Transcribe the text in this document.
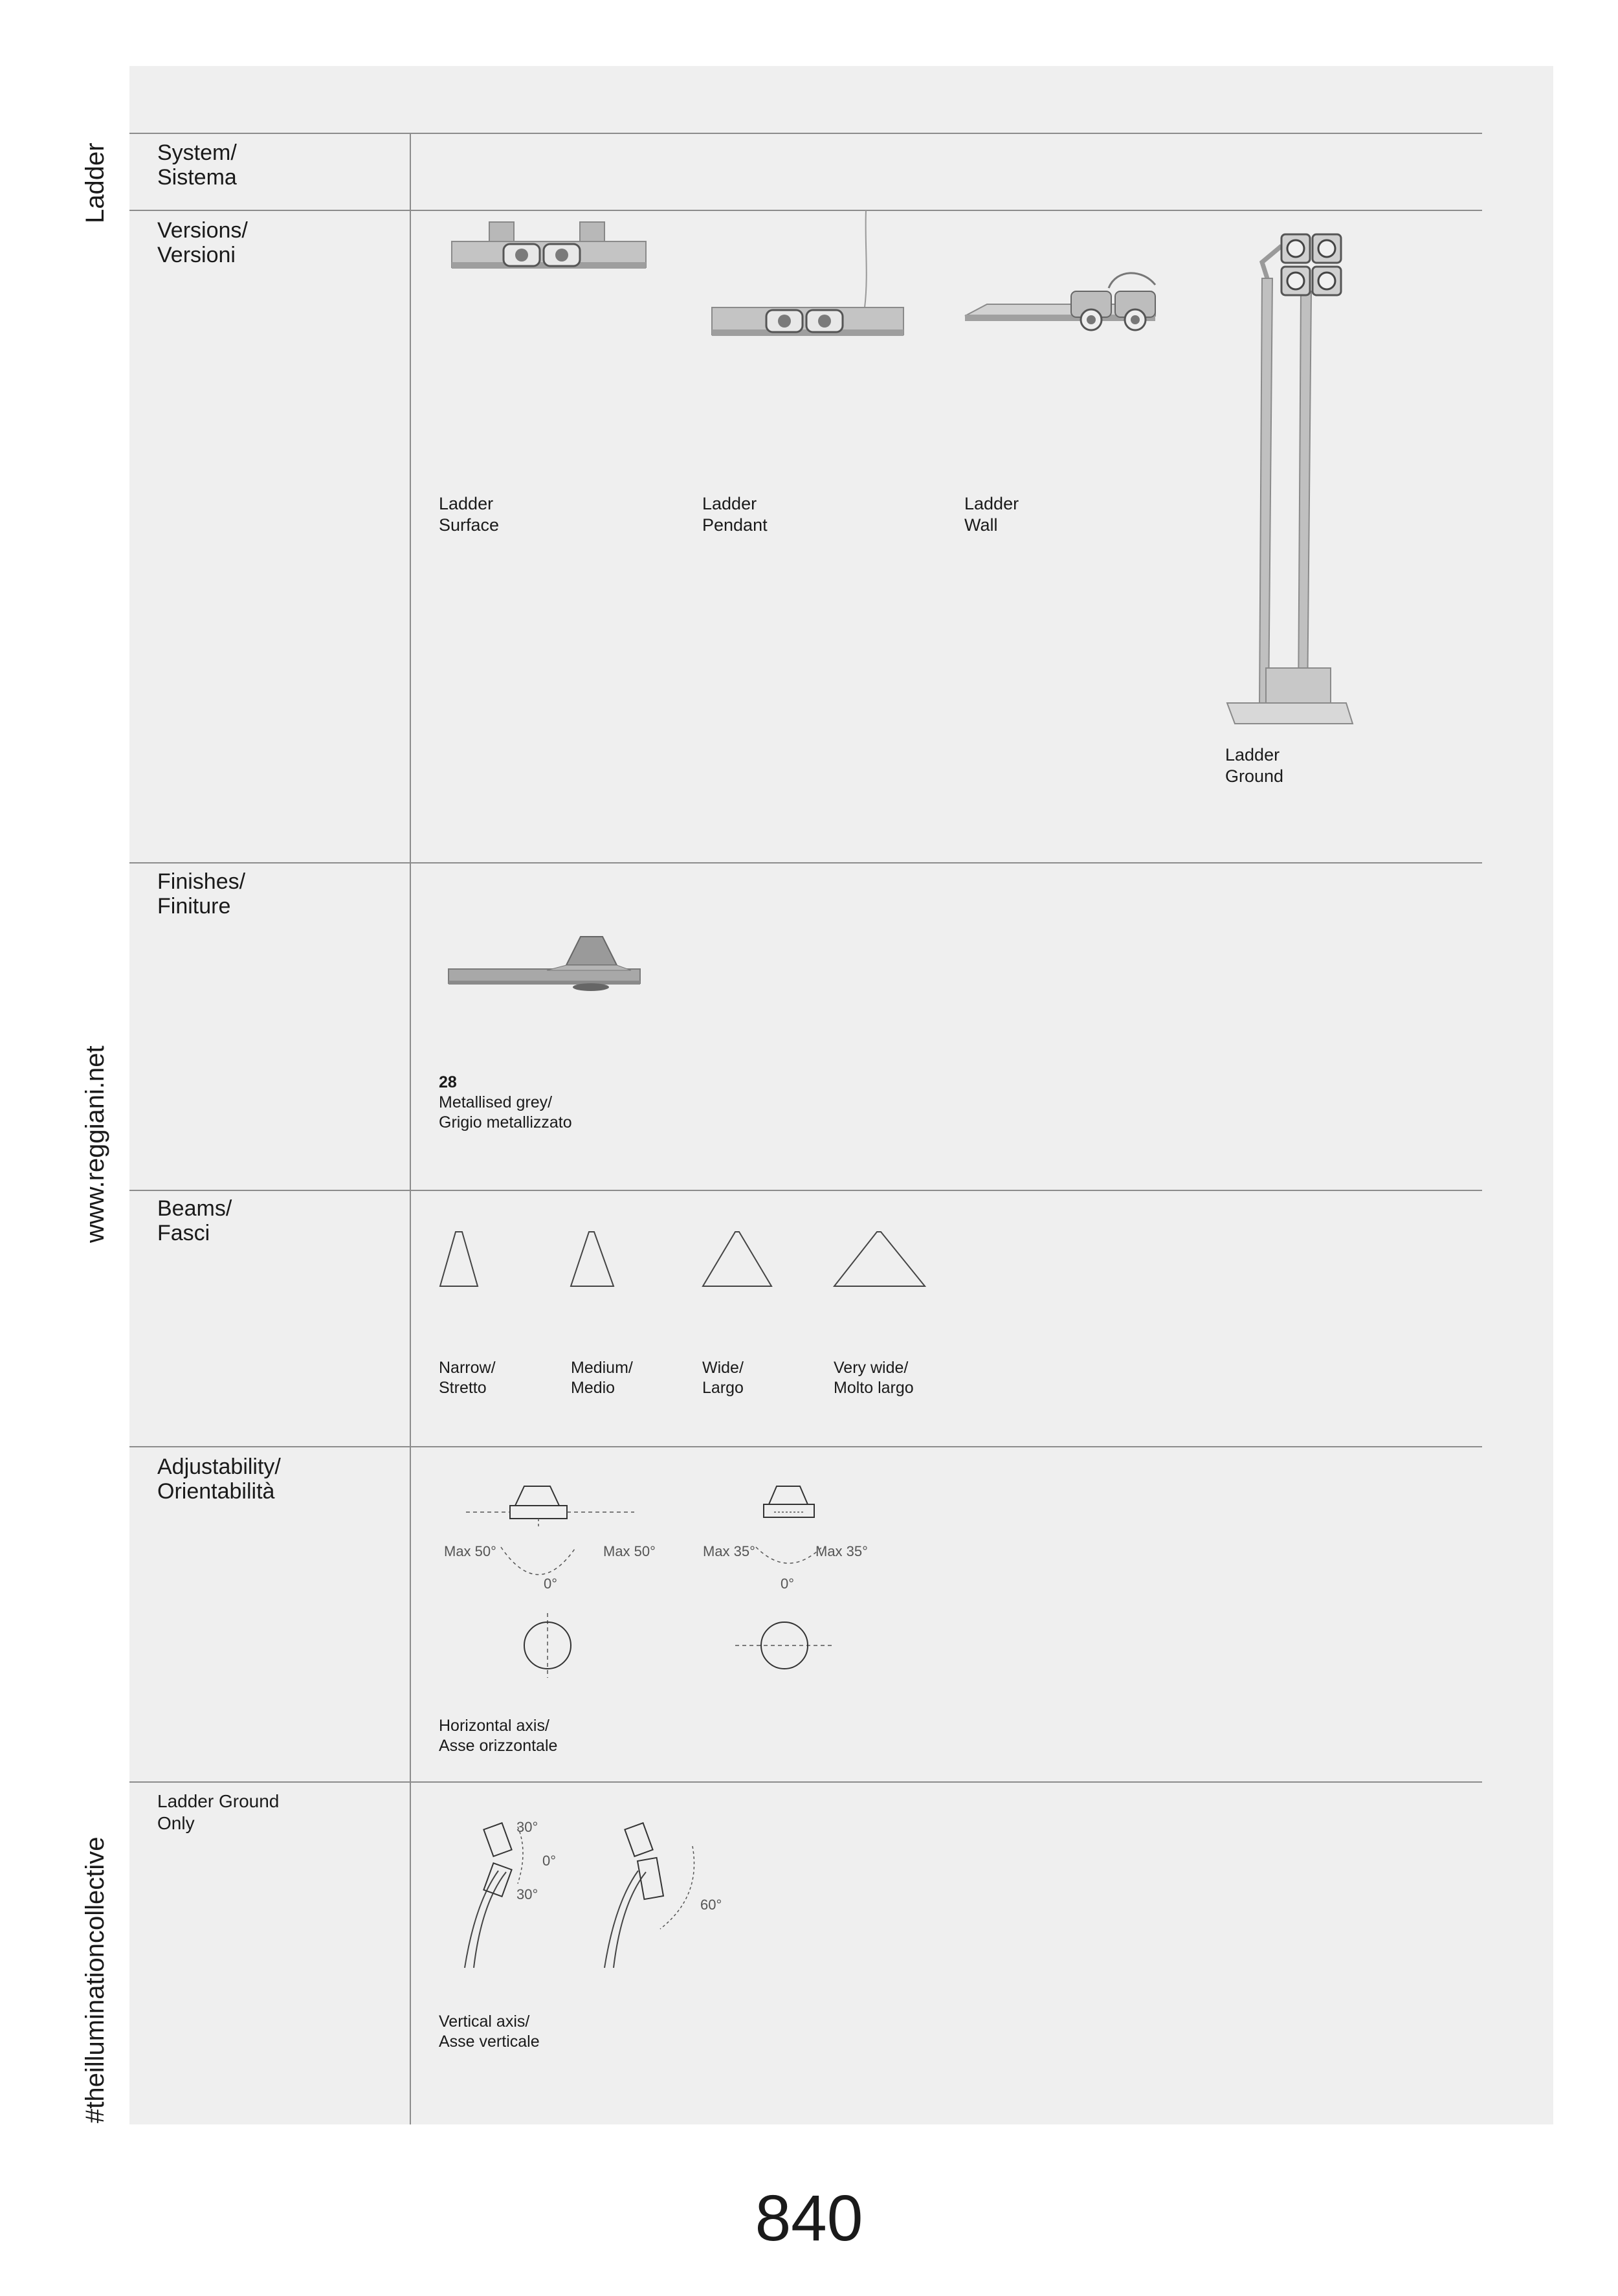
Ladder
www.reggiani.net
#theilluminationcollective
System/
Sistema
Versions/
Versioni
Finishes/
Finiture
Beams/
Fasci
Adjustability/
Orientabilità
Ladder Ground
Only
Ladder
Surface
Ladder
Pendant
Ladder
Wall
Ladder
Ground
28
Metallised grey/
Grigio metallizzato
Narrow/
Stretto
Medium/
Medio
Wide/
Largo
Very wide/
Molto largo
Max 50°	Max 50°
0°
Max 35°	Max 35°
0°
Horizontal axis/
Asse orizzontale
30°
0°
30°
60°
Vertical axis/
Asse verticale
840
